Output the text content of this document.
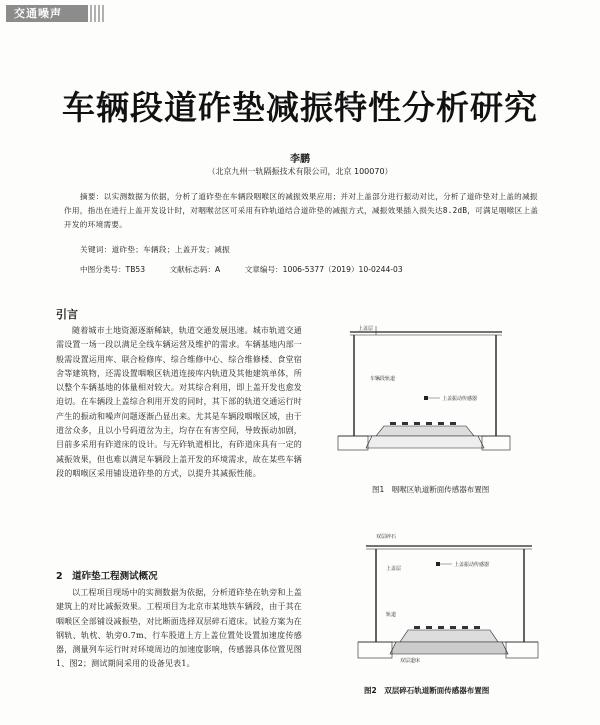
交通噪声
车辆段道砟垫减振特性分析研究
李鹏
（北京九州一轨隔振技术有限公司，北京 100070）
摘要：以实测数据为依据，分析了道砟垫在车辆段咽喉区的减振效果应用；并对上盖部分进行振动对比，分析了道砟垫对上盖的减振作用，指出在进行上盖开发设计时，对咽喉岔区可采用有砟轨道结合道砟垫的减振方式，减振效果插入损失达8.2dB，可满足咽喉区上盖开发的环境需要。
关键词：道砟垫；车辆段；上盖开发；减振
中图分类号：TB53	文献标志码：A	文章编号：1006-5377（2019）10-0244-03
引言
随着城市土地资源逐渐稀缺，轨道交通发展迅速。城市轨道交通需设置一场一段以满足全线车辆运营及维护的需求。车辆基地内部一般需设置运用库、联合检修库、综合维修中心、综合维修楼、食堂宿舍等建筑物，还需设置咽喉区轨道连接库内轨道及其他建筑单体，所以整个车辆基地的体量相对较大。对其综合利用，即上盖开发也愈发迫切。在车辆段上盖综合利用开发的同时，其下部的轨道交通运行时产生的振动和噪声问题逐渐凸显出来。尤其是车辆段咽喉区域，由于道岔众多，且以小号码道岔为主，均存在有害空间，导致振动加剧，目前多采用有砟道床的设计。与无砟轨道相比，有砟道床具有一定的减振效果，但也难以满足车辆段上盖开发的环境需求，故在某些车辆段的咽喉区采用铺设道砟垫的方式，以提升其减振性能。
2　道砟垫工程测试概况
以工程项目现场中的实测数据为依据，分析道砟垫在轨旁和上盖建筑上的对比减振效果。工程项目为北京市某地铁车辆段，由于其在咽喉区全部铺设减振垫，对比断面选择双层碎石道床。试验方案为在钢轨、轨枕、轨旁0.7m、行车股道上方上盖位置处设置加速度传感器，测量列车运行时对环境周边的加速度影响，传感器具体位置见图1、图2；测试期间采用的设备见表1。
上盖层
上盖振动传感器
车辆段轨道
图1　咽喉区轨道断面传感器布置图
双层碎石
上盖层
上盖振动传感器
轨道
双层道床
图2　双层碎石轨道断面传感器布置图
